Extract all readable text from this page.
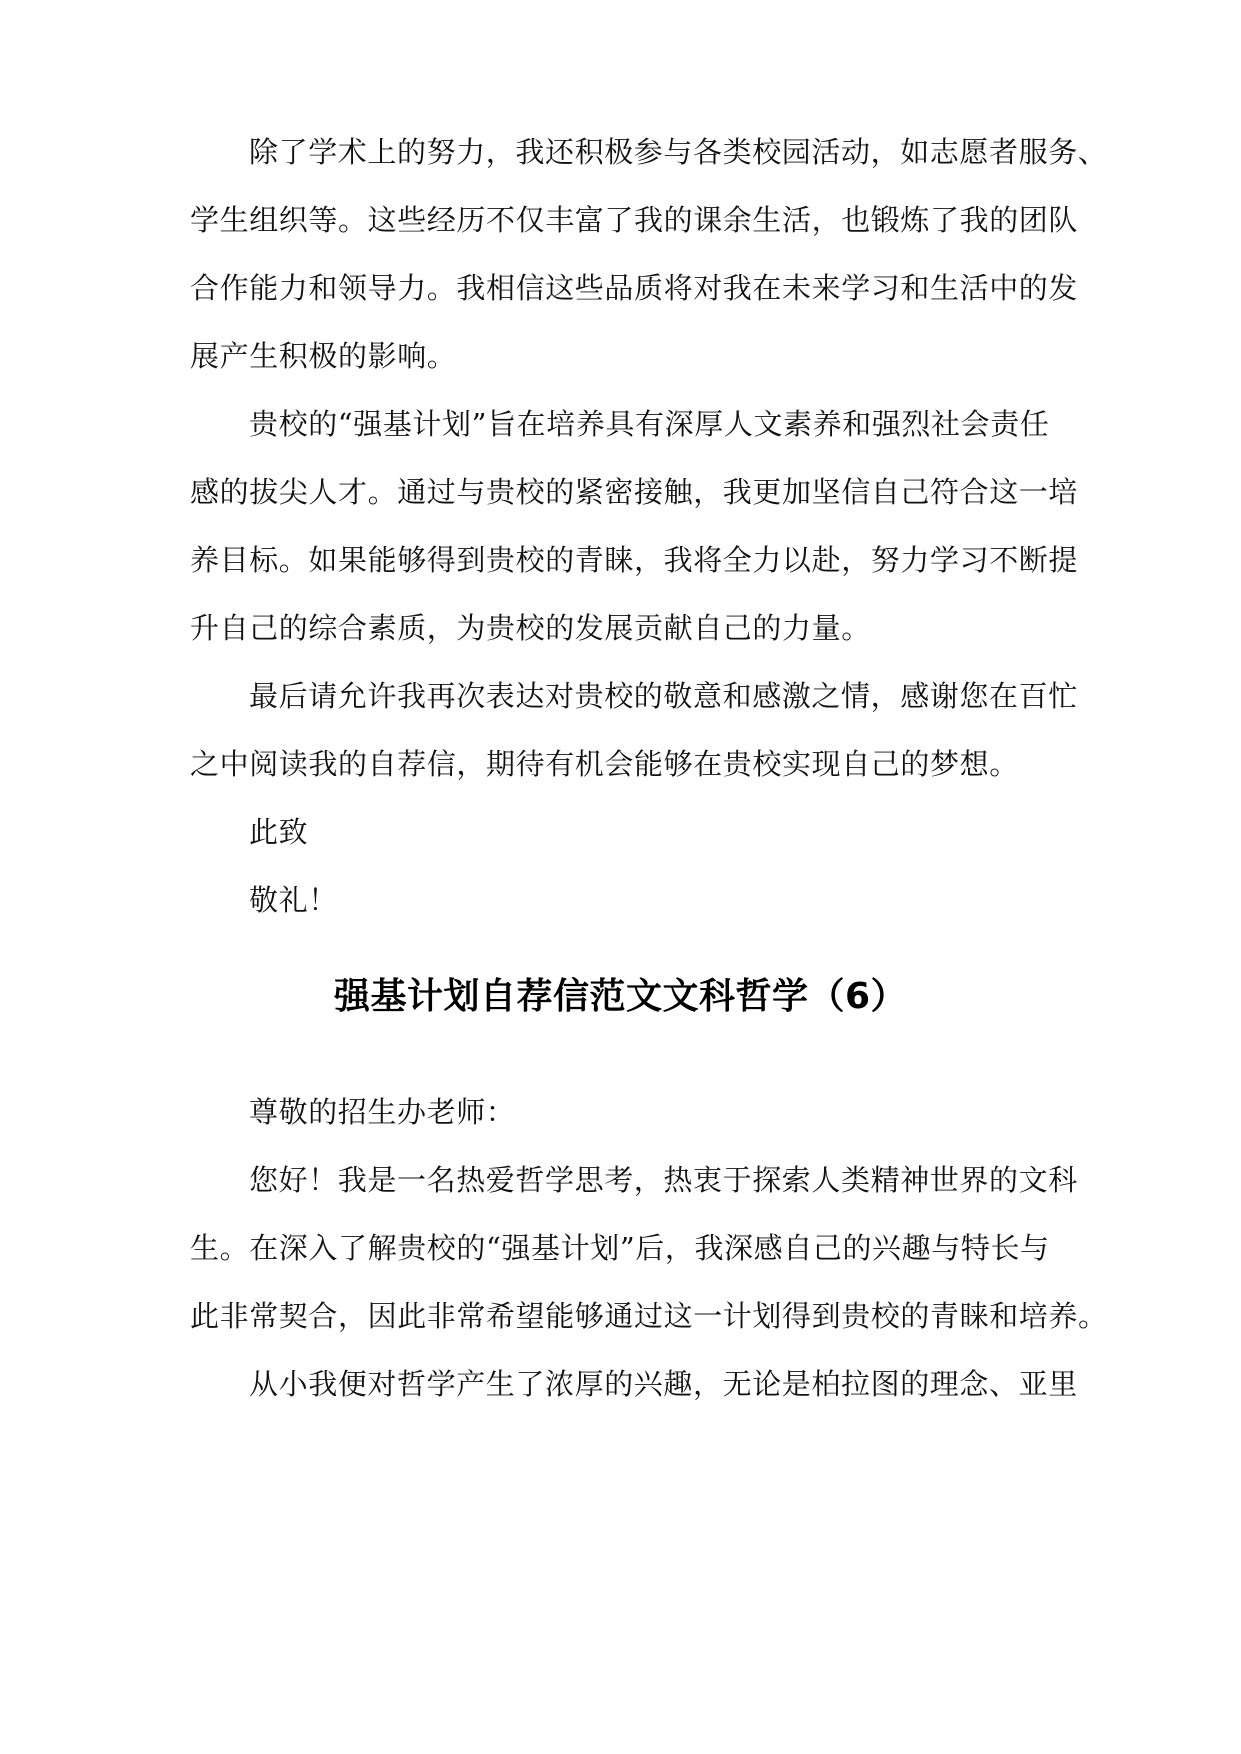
除了学术上的努力，我还积极参与各类校园活动，如志愿者服务、
学生组织等。这些经历不仅丰富了我的课余生活，也锻炼了我的团队
合作能力和领导力。我相信这些品质将对我在未来学习和生活中的发
展产生积极的影响。
贵校的“强基计划”旨在培养具有深厚人文素养和强烈社会责任
感的拔尖人才。通过与贵校的紧密接触，我更加坚信自己符合这一培
养目标。如果能够得到贵校的青睐，我将全力以赴，努力学习不断提
升自己的综合素质，为贵校的发展贡献自己的力量。
最后请允许我再次表达对贵校的敬意和感激之情，感谢您在百忙
之中阅读我的自荐信，期待有机会能够在贵校实现自己的梦想。
此致
敬礼！
强基计划自荐信范文文科哲学（6）
尊敬的招生办老师：
您好！我是一名热爱哲学思考，热衷于探索人类精神世界的文科
生。在深入了解贵校的“强基计划”后，我深感自己的兴趣与特长与
此非常契合，因此非常希望能够通过这一计划得到贵校的青睐和培养。
从小我便对哲学产生了浓厚的兴趣，无论是柏拉图的理念、亚里
